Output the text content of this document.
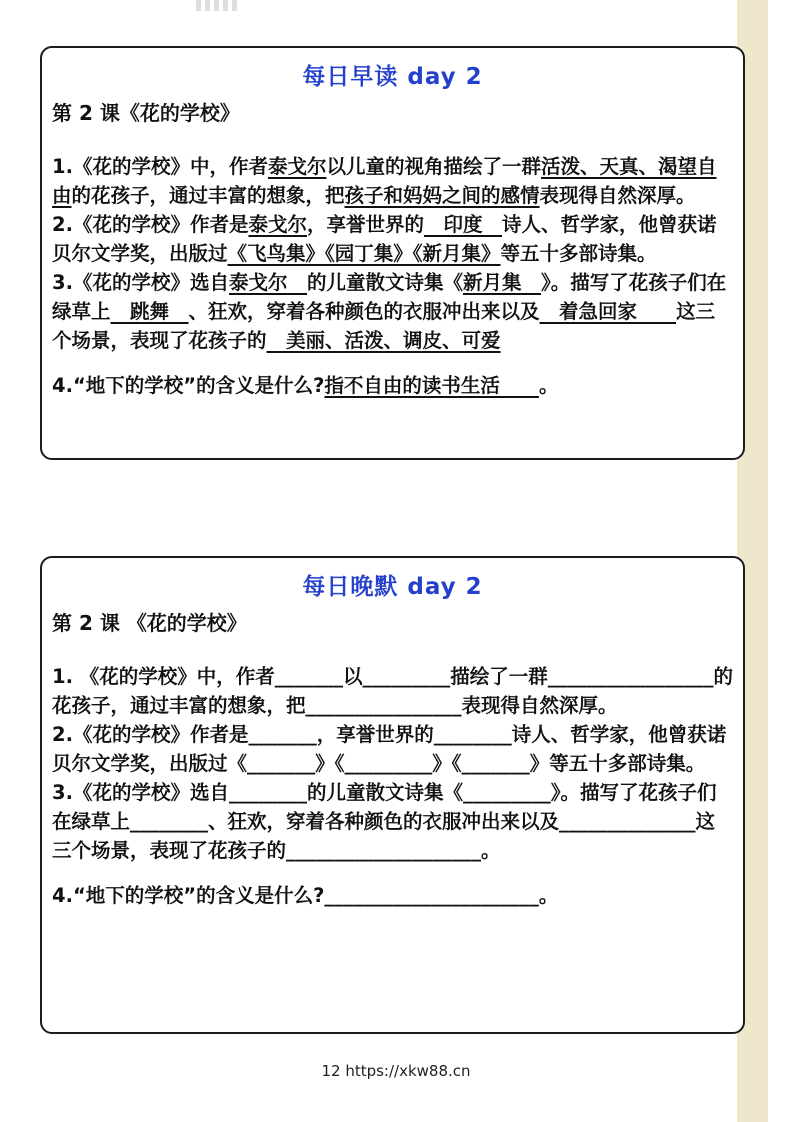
每日早读 day 2
第 2 课《花的学校》

1.《花的学校》中，作者泰戈尔以儿童的视角描绘了一群活泼、天真、渴望自由的花孩子，通过丰富的想象，把孩子和妈妈之间的感情表现得自然深厚。

2.《花的学校》作者是泰戈尔，享誉世界的　印度　诗人、哲学家，他曾获诺贝尔文学奖，出版过《飞鸟集》《园丁集》《新月集》等五十多部诗集。

3.《花的学校》选自泰戈尔　的儿童散文诗集《新月集　》。描写了花孩子们在绿草上　跳舞　、狂欢，穿着各种颜色的衣服冲出来以及　着急回家　　这三个场景，表现了花孩子的　美丽、活泼、调皮、可爱

4.“地下的学校”的含义是什么?指不自由的读书生活　　。

每日晚默 day 2
第 2 课 《花的学校》

1. 《花的学校》中，作者_______以_________描绘了一群_________________的花孩子，通过丰富的想象，把________________表现得自然深厚。

2.《花的学校》作者是_______，享誉世界的________诗人、哲学家，他曾获诺贝尔文学奖，出版过《_______》《_________》《_______》等五十多部诗集。

3.《花的学校》选自________的儿童散文诗集《_________》。描写了花孩子们在绿草上________、狂欢，穿着各种颜色的衣服冲出来以及______________这三个场景，表现了花孩子的____________________。

4.“地下的学校”的含义是什么?______________________。

12 https://xkw88.cn
